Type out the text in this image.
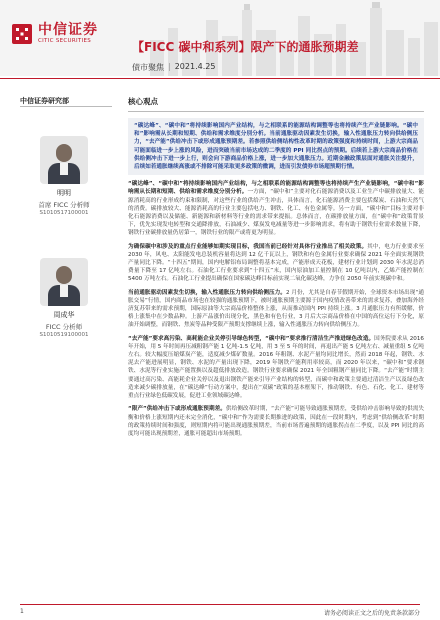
中信证券
CITIC SECURITIES	【FICC 碳中和系列】限产下的通胀预期差
债市聚焦 | 2021.4.25
中信证券研究部
明明
首席 FICC 分析师
S1010517100001
周成华
FICC 分析师
S1010519100001
核心观点

“碳达峰”、“碳中和”将持续影响国内产业结构，与之相联系的能源结构调整等也将持续产生产业链影响。“碳中和”影响需从长期和短期、供给和需求维度分别分析。当前通胀驱动因素发生切换，输入性通胀压力转向供给侧压力，“去产能”供给冲击下或形成通胀预期差。若参照供给侧结构性改革时期的政策强度和持续时间，上游大宗商品可能面临进一步上涨的风险，进而突破当前市场达成的二季度的 PPI 同比拐点的预期。后续若上游大宗商品价格在供给侧冲击下进一步上行，则会向下游商品价格上涨，进一步加大通胀压力。近期金融政策层面对通胀关注提升，后续如若通胀继续高涨或不排除可能采取更多政策的微调，进而引发债券市场超预期行情。

“碳达峰”、“碳中和”将持续影响国内产业结构，与之相联系的能源结构调整等也将持续产生产业链影响，“碳中和”影响需从长期和短期、供给和需求维度分别分析。一方面，“碳中和”主要对化石能源消费以及工业生产中碳排放量大、能源消耗高的行业形成约束和限制，对这些行业的供给产生冲击，具体而言，化石能源消费主要包括煤炭、石油和天然气的消费。碳排放较大、能源消耗高的行业主要包括电力、钢铁、化工、有色金属等。另一方面，“碳中和”目标主要对非化石能源消费以及储能、新能源和新材料等行业的需求带来提振。总体而言，在碳排放量方面，在“碳中和”政策背景下，优先实现发电转型和交通降排放，石油减少、煤炭发电减量等进一步影响需求，将有助于钢铁行业需求数量下降，钢铁行业碳排放量仍居第一，钢铁行业的限产或将更为明显。

为确保碳中和涉及的重点行业能够如期实现目标，我国当前已经针对具体行业推出了相关政策。其中，电力行业要求至 2030 年，风电、太阳能发电总装机容量将达到 12 亿千瓦以上，钢铁和有色金属行业要求确保 2021 年全面实现钢铁产量同比下降。“十四五”期间，国内电解铝布局调整将基本完成，产能形成天花板，建材行业计划到 2030 年水泥总消费量下降至 17 亿吨左右。石油化工行业要求到“十四五”末，国内原油加工量控制在 10 亿吨以内，乙烯产能控制在 5400 万吨左右。石油化工行业提出确保在国家碳达峰目标前实现二氧化碳达峰，力争在 2050 年前实现碳中和。

当前通胀驱动因素发生切换，输入性通胀压力转向供给侧压力。2 月份，尤其是自春节假期开始，全球资本市场出现“通胀交易”行情，国内商品市场也在较强的通胀预期下，被时通胀预期主要源于国内疫情改善带来的需求复苏，叠加海外经济复苏带来的需求预期，国际原油等大宗商品价格整体上涨，从而推动国内 PPI 持续上涨。3 月通胀压力有所缓解，价格上涨集中在少数品种。上游产品涨价出现分化，黑色和有色行业，3 月后大宗商品价格在中国的高位运行下分化，原油开始调整，而钢铁、焦炭等品种受限产预期支撑继续上涨，输入性通胀压力转向供给侧压力。

“去产能”要求高污染、高耗能企业关停引导绿色转型，“碳中和”要求推行清洁生产推进绿色改造。国务院要求从 2016 年开始，用 5 年时间再压减粗钢产能 1 亿吨-1.5 亿吨，用 3 至 5 年的时间，再退出产能 5 亿吨左右、减量重组 5 亿吨左右。较大幅度压缩煤炭产能，适度减少煤矿数量。2016 年粗钢、水泥产量均同比增长，然而 2018 年起，钢铁、水泥去产能进展明显，钢铁、水泥的产量出现下降，2019 年钢铁产能利用率较高，而 2020 年以来，“碳中和”要求钢铁、水泥等行业实施产能置换以及超低排放改造。钢铁行业要求确保 2021 年全国粗钢产量同比下降。“去产能”时期主要通过高污染、高能耗企业关停以及退出钢铁产能来引导产业结构的转型，而碳中和政策主要通过清洁生产以及绿色改造来减少碳排放量，在“碳达峰”行动方案中，提出在“双碳”政策的基本框架下，推动钢铁、有色、石化、化工、建材等重点行业绿色低碳发展，促进工业领域碳达峰。

“限产”供给冲击下或形成通胀预期差。供给侧改革时期，“去产能”可能导致通胀预期差，受供给冲击影响导致的供需失衡和价格上涨短期内还未完全消化，“碳中和”作为需要长期推进的政策，因此在一段时期内，考虑到“供给侧改革”时期的政策持续时间和强度，则短期内将可能出现通胀预期差，当前市场普遍预期的通胀拐点在二季度，以及 PPI 同比的高度均可能出现预期差，通胀可能超出市场预期。

1	请务必阅读正文之后的免责条款部分
